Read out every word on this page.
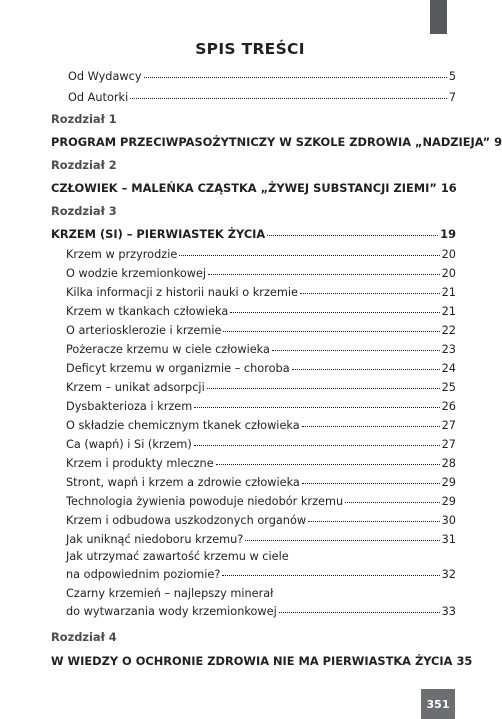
SPIS TREŚCI
Od Wydawcy	5
Od Autorki	7
Rozdział 1
PROGRAM PRZECIWPASOŻYTNICZY W SZKOLE ZDROWIA „NADZIEJA” 9
Rozdział 2
CZŁOWIEK – MALEŃKA CZĄSTKA „ŻYWEJ SUBSTANCJI ZIEMI” 16
Rozdział 3
KRZEM (SI) – PIERWIASTEK ŻYCIA	19
Krzem w przyrodzie	20
O wodzie krzemionkowej	20
Kilka informacji z historii nauki o krzemie	21
Krzem w tkankach człowieka	21
O arteriosklerozie i krzemie	22
Pożeracze krzemu w ciele człowieka	23
Deficyt krzemu w organizmie – choroba	24
Krzem – unikat adsorpcji	25
Dysbakterioza i krzem	26
O składzie chemicznym tkanek człowieka	27
Ca (wapń) i Si (krzem)	27
Krzem i produkty mleczne	28
Stront, wapń i krzem a zdrowie człowieka	29
Technologia żywienia powoduje niedobór krzemu	29
Krzem i odbudowa uszkodzonych organów	30
Jak uniknąć niedoboru krzemu?	31
Jak utrzymać zawartość krzemu w ciele
na odpowiednim poziomie?	32
Czarny krzemień – najlepszy minerał
do wytwarzania wody krzemionkowej	33
Rozdział 4
W WIEDZY O OCHRONIE ZDROWIA NIE MA PIERWIASTKA ŻYCIA 35
351
